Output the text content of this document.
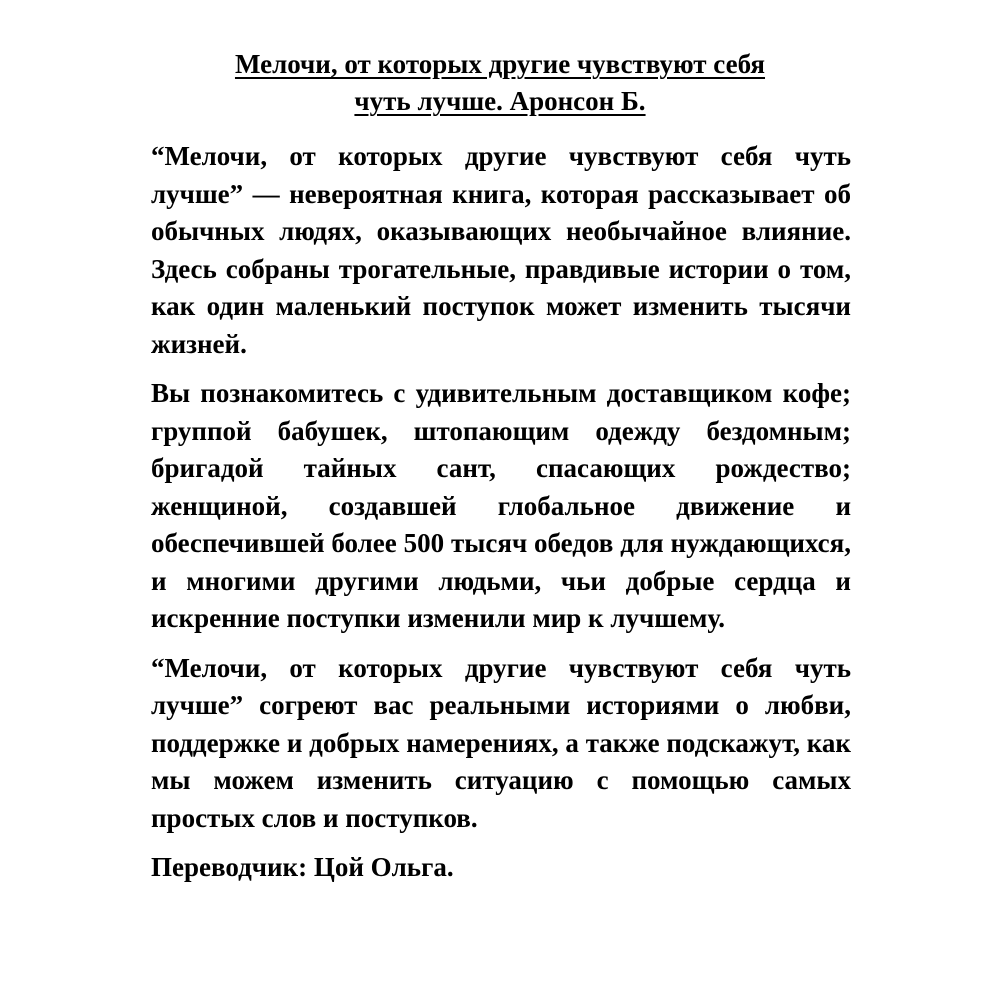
Мелочи, от которых другие чувствуют себя
чуть лучше. Аронсон Б.

“Мелочи, от которых другие чувствуют себя чуть лучше” — невероятная книга, которая рассказывает об обычных людях, оказывающих необычайное влияние. Здесь собраны трогательные, правдивые истории о том, как один маленький поступок может изменить тысячи жизней.

Вы познакомитесь с удивительным доставщиком кофе; группой бабушек, штопающим одежду бездомным; бригадой тайных сант, спасающих рождество; женщиной, создавшей глобальное движение и обеспечившей более 500 тысяч обедов для нуждающихся, и многими другими людьми, чьи добрые сердца и искренние поступки изменили мир к лучшему.

“Мелочи, от которых другие чувствуют себя чуть лучше” согреют вас реальными историями о любви, поддержке и добрых намерениях, а также подскажут, как мы можем изменить ситуацию с помощью самых простых слов и поступков.

Переводчик: Цой Ольга.
